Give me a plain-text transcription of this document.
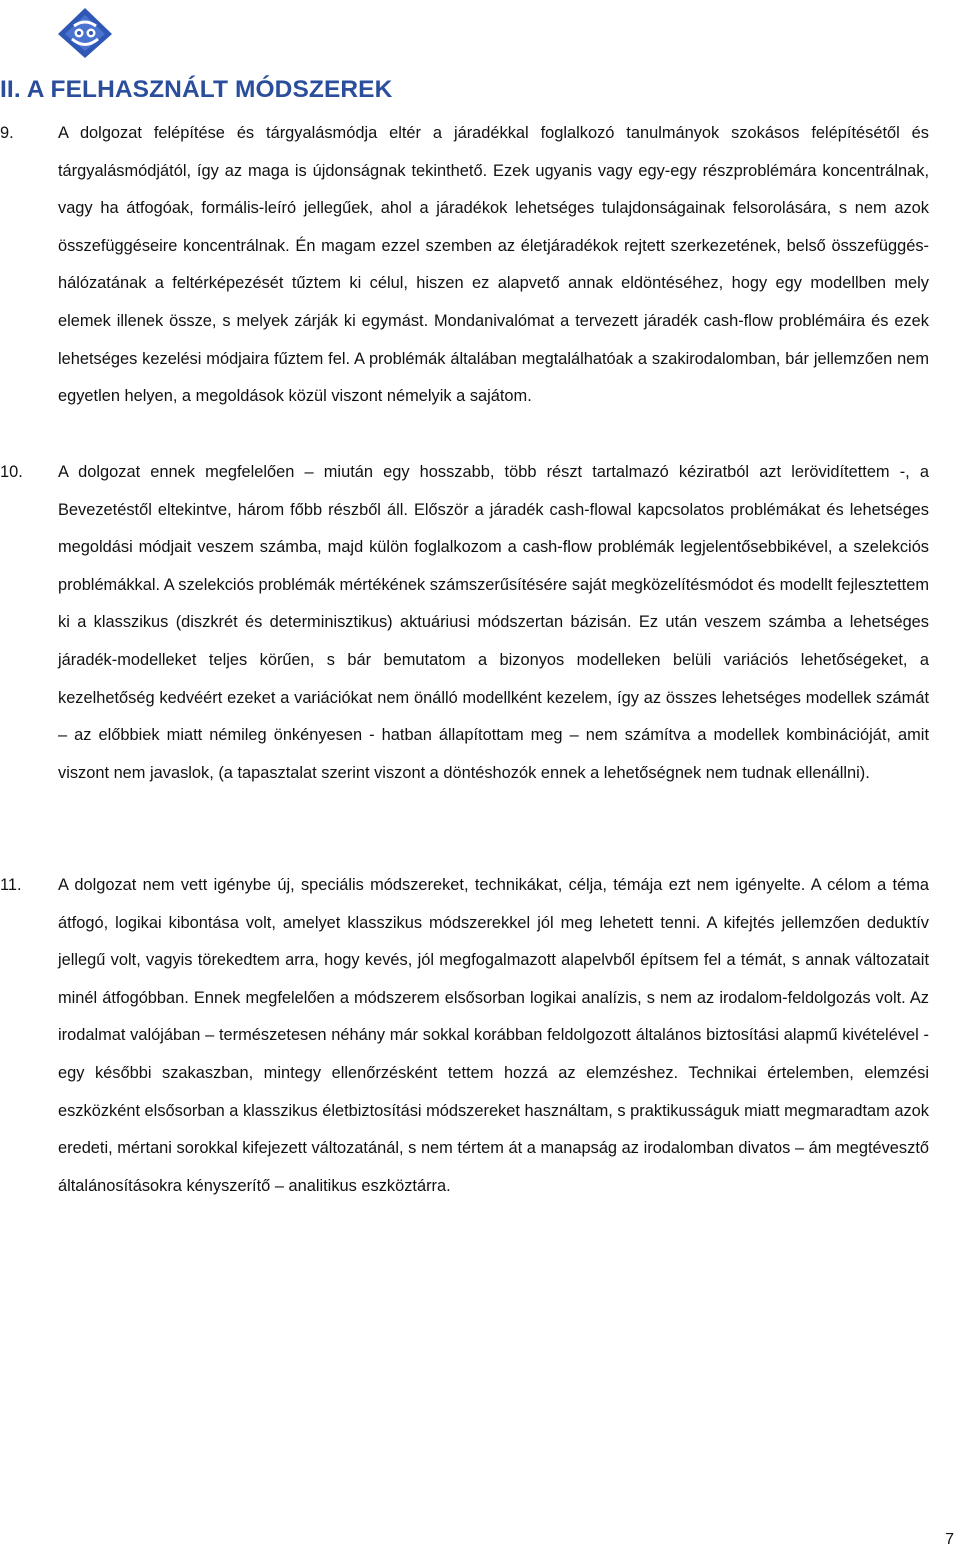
II. A FELHASZNÁLT MÓDSZEREK
9.	A dolgozat felépítése és tárgyalásmódja eltér a járadékkal foglalkozó tanulmányok szokásos felépítésétől és tárgyalásmódjától, így az maga is újdonságnak tekinthető. Ezek ugyanis vagy egy-egy részproblémára koncentrálnak, vagy ha átfogóak, formális-leíró jellegűek, ahol a járadékok lehetséges tulajdonságainak felsorolására, s nem azok összefüggéseire koncentrálnak. Én magam ezzel szemben az életjáradékok rejtett szerkezetének, belső összefüggés-hálózatának a feltérképezését tűztem ki célul, hiszen ez alapvető annak eldöntéséhez, hogy egy modellben mely elemek illenek össze, s melyek zárják ki egymást. Mondanivalómat a tervezett járadék cash-flow problémáira és ezek lehetséges kezelési módjaira fűztem fel. A problémák általában megtalálhatóak a szakirodalomban, bár jellemzően nem egyetlen helyen, a megoldások közül viszont némelyik a sajátom.

10. A dolgozat ennek megfelelően – miután egy hosszabb, több részt tartalmazó kéziratból azt lerövidítettem -, a Bevezetéstől eltekintve, három főbb részből áll. Először a járadék cash-flowal kapcsolatos problémákat és lehetséges megoldási módjait veszem számba, majd külön foglalkozom a cash-flow problémák legjelentősebbikével, a szelekciós problémákkal. A szelekciós problémák mértékének számszerűsítésére saját megközelítésmódot és modellt fejlesztettem ki a klasszikus (diszkrét és determinisztikus) aktuáriusi módszertan bázisán. Ez után veszem számba a lehetséges járadék-modelleket teljes körűen, s bár bemutatom a bizonyos modelleken belüli variációs lehetőségeket, a kezelhetőség kedvéért ezeket a variációkat nem önálló modellként kezelem, így az összes lehetséges modellek számát – az előbbiek miatt némileg önkényesen - hatban állapítottam meg – nem számítva a modellek kombinációját, amit viszont nem javaslok, (a tapasztalat szerint viszont a döntéshozók ennek a lehetőségnek nem tudnak ellenállni).

11. A dolgozat nem vett igénybe új, speciális módszereket, technikákat, célja, témája ezt nem igényelte. A célom a téma átfogó, logikai kibontása volt, amelyet klasszikus módszerekkel jól meg lehetett tenni. A kifejtés jellemzően deduktív jellegű volt, vagyis törekedtem arra, hogy kevés, jól megfogalmazott alapelvből építsem fel a témát, s annak változatait minél átfogóbban. Ennek megfelelően a módszerem elsősorban logikai analízis, s nem az irodalom-feldolgozás volt. Az irodalmat valójában – természetesen néhány már sokkal korábban feldolgozott általános biztosítási alapmű kivételével - egy későbbi szakaszban, mintegy ellenőrzésként tettem hozzá az elemzéshez. Technikai értelemben, elemzési eszközként elsősorban a klasszikus életbiztosítási módszereket használtam, s praktikusságuk miatt megmaradtam azok eredeti, mértani sorokkal kifejezett változatánál, s nem tértem át a manapság az irodalomban divatos – ám megtévesztő általánosításokra kényszerítő – analitikus eszköztárra.

7
